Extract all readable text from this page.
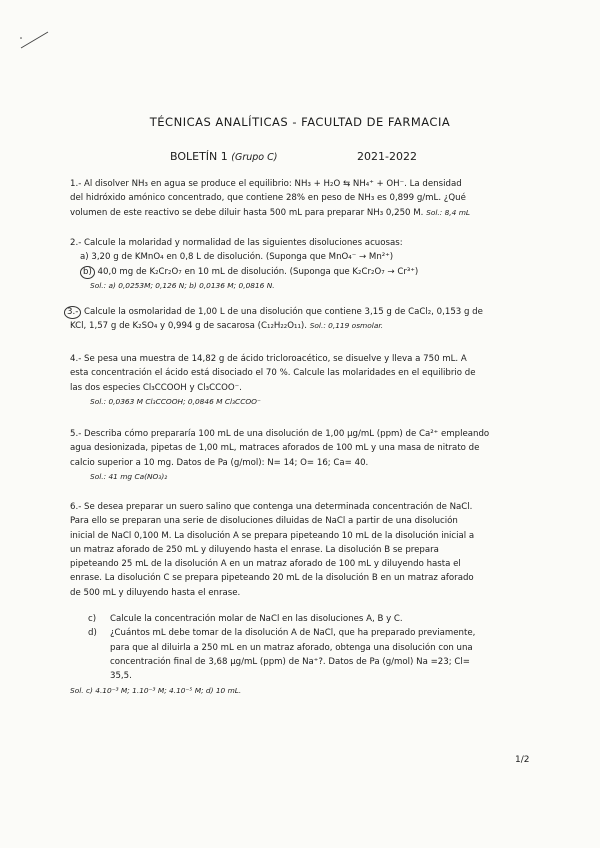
TÉCNICAS ANALÍTICAS - FACULTAD DE FARMACIA
BOLETÍN 1 (Grupo C)	2021-2022

1.- Al disolver NH₃ en agua se produce el equilibrio: NH₃ + H₂O ⇆ NH₄⁺ + OH⁻. La densidad

del hidróxido amónico concentrado, que contiene 28% en peso de NH₃ es 0,899 g/mL. ¿Qué

volumen de este reactivo se debe diluir hasta 500 mL para preparar NH₃ 0,250 M. Sol.: 8,4 mL

2.- Calcule la molaridad y normalidad de las siguientes disoluciones acuosas:

a) 3,20 g de KMnO₄ en 0,8 L de disolución. (Suponga que MnO₄⁻ → Mn²⁺)

b) 40,0 mg de K₂Cr₂O₇ en 10 mL de disolución. (Suponga que K₂Cr₂O₇ → Cr³⁺)

Sol.: a) 0,0253M; 0,126 N; b) 0,0136 M; 0,0816 N.

3.- Calcule la osmolaridad de 1,00 L de una disolución que contiene 3,15 g de CaCl₂, 0,153 g de

KCl, 1,57 g de K₂SO₄ y 0,994 g de sacarosa (C₁₂H₂₂O₁₁). Sol.: 0,119 osmolar.

4.- Se pesa una muestra de 14,82 g de ácido tricloroacético, se disuelve y lleva a 750 mL. A

esta concentración el ácido está disociado el 70 %. Calcule las molaridades en el equilibrio de

las dos especies Cl₃CCOOH y Cl₃CCOO⁻.

Sol.: 0,0363 M Cl₃CCOOH; 0,0846 M Cl₃CCOO⁻

5.- Describa cómo prepararía 100 mL de una disolución de 1,00 µg/mL (ppm) de Ca²⁺ empleando

agua desionizada, pipetas de 1,00 mL, matraces aforados de 100 mL y una masa de nitrato de

calcio superior a 10 mg. Datos de Pa (g/mol): N= 14; O= 16; Ca= 40.

Sol.: 41 mg Ca(NO₃)₂

6.- Se desea preparar un suero salino que contenga una determinada concentración de NaCl.

Para ello se preparan una serie de disoluciones diluidas de NaCl a partir de una disolución

inicial de NaCl 0,100 M. La disolución A se prepara pipeteando 10 mL de la disolución inicial a

un matraz aforado de 250 mL y diluyendo hasta el enrase. La disolución B se prepara

pipeteando 25 mL de la disolución A en un matraz aforado de 100 mL y diluyendo hasta el

enrase. La disolución C se prepara pipeteando 20 mL de la disolución B en un matraz aforado

de 500 mL y diluyendo hasta el enrase.

c)	Calcule la concentración molar de NaCl en las disoluciones A, B y C.
d)	¿Cuántos mL debe tomar de la disolución A de NaCl, que ha preparado previamente,
para que al diluirla a 250 mL en un matraz aforado, obtenga una disolución con una
concentración final de 3,68 µg/mL (ppm) de Na⁺?. Datos de Pa (g/mol) Na =23; Cl=
35,5.

Sol. c) 4.10⁻³ M; 1.10⁻³ M; 4.10⁻⁵ M; d) 10 mL.

1/2
